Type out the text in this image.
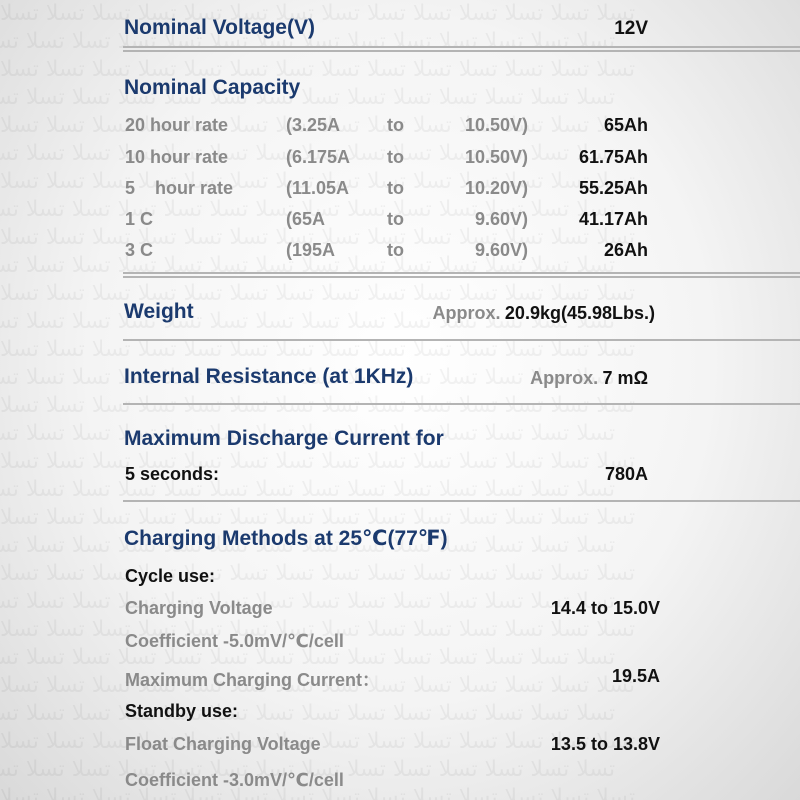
Nominal Voltage(V)	12V
Nominal Capacity
20 hour rate	(3.25A	to	10.50V)	65Ah
10 hour rate	(6.175A to	10.50V)	61.75Ah
5    hour rate	(11.05A to	10.20V)	55.25Ah
1 C	(65A	to	9.60V)	41.17Ah
3 C	(195A	to	9.60V)	26Ah
Weight	Approx. 20.9kg(45.98Lbs.)
Internal Resistance (at 1KHz)	Approx. 7 mΩ
Maximum Discharge Current for
5 seconds:	780A
Charging Methods at 25℃(77℉)
Cycle use:
Charging Voltage	14.4 to 15.0V
Coefficient -5.0mV/℃/cell
Maximum Charging Current：	19.5A
Standby use:
Float Charging Voltage	13.5 to 13.8V
Coefficient -3.0mV/℃/cell
